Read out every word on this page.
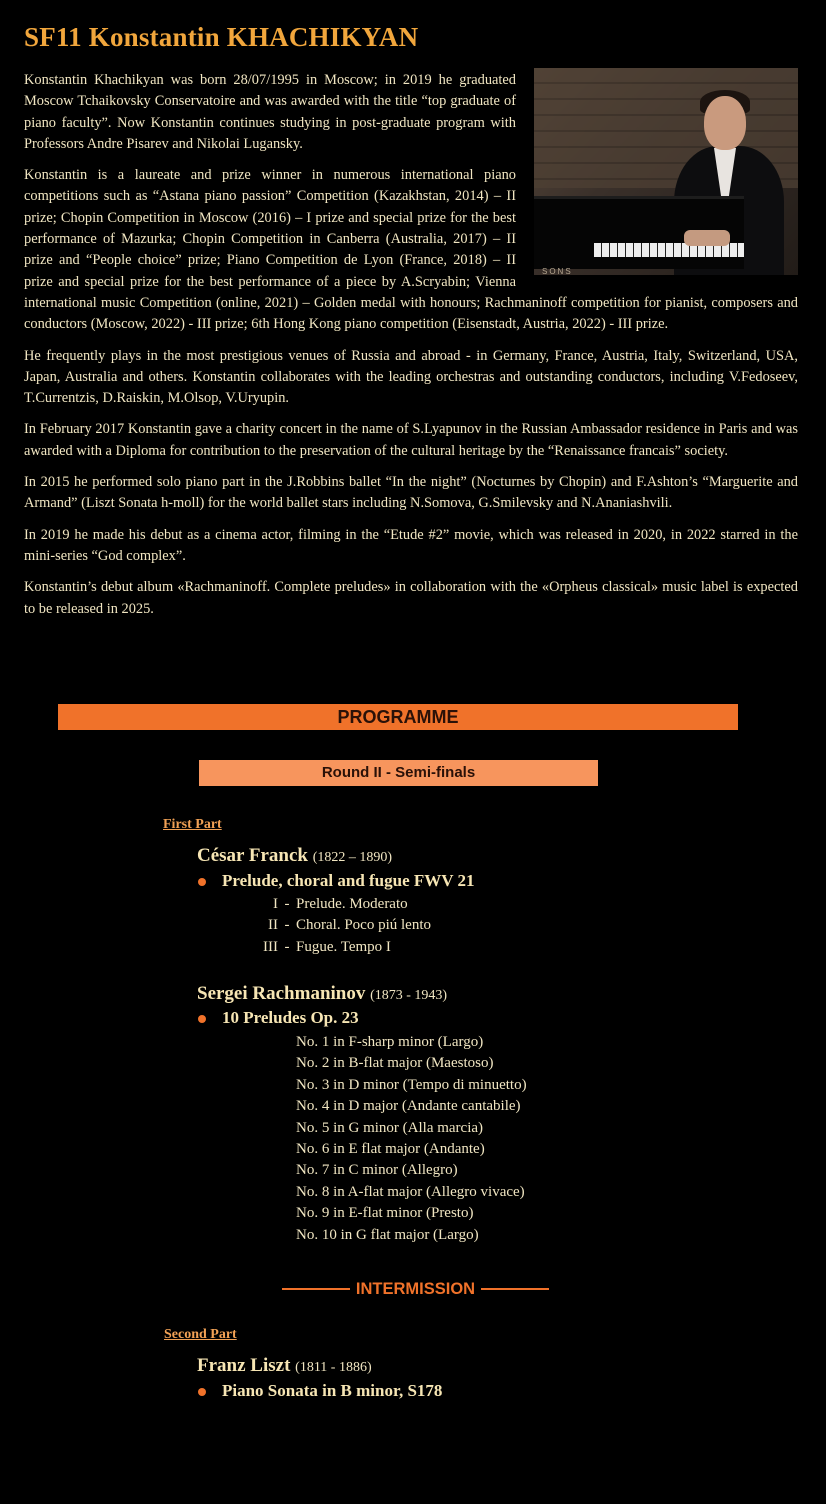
SF11 Konstantin KHACHIKYAN
SONS

Konstantin Khachikyan was born 28/07/1995 in Moscow; in 2019 he graduated Moscow Tchaikovsky Conservatoire and was awarded with the title “top graduate of piano faculty”. Now Konstantin continues studying in post-graduate program with Professors Andre Pisarev and Nikolai Lugansky.

Konstantin is a laureate and prize winner in numerous international piano competitions such as “Astana piano passion” Competition (Kazakhstan, 2014) – II prize; Chopin Competition in Moscow (2016) – I prize and special prize for the best performance of Mazurka; Chopin Competition in Canberra (Australia, 2017) – II prize and “People choice” prize; Piano Competition de Lyon (France, 2018) – II prize and special prize for the best performance of a piece by A.Scryabin; Vienna international music Competition (online, 2021) – Golden medal with honours; Rachmaninoff competition for pianist, composers and conductors (Moscow, 2022) - III prize; 6th Hong Kong piano competition (Eisenstadt, Austria, 2022) - III prize.

He frequently plays in the most prestigious venues of Russia and abroad - in Germany, France, Austria, Italy, Switzerland, USA, Japan, Australia and others. Konstantin collaborates with the leading orchestras and outstanding conductors, including V.Fedoseev, T.Currentzis, D.Raiskin, M.Olsop, V.Uryupin.

In February 2017 Konstantin gave a charity concert in the name of S.Lyapunov in the Russian Ambassador residence in Paris and was awarded with a Diploma for contribution to the preservation of the cultural heritage by the “Renaissance francais” society.

In 2015 he performed solo piano part in the J.Robbins ballet “In the night” (Nocturnes by Chopin) and F.Ashton’s “Marguerite and Armand” (Liszt Sonata h-moll) for the world ballet stars including N.Somova, G.Smilevsky and N.Ananiashvili.

In 2019 he made his debut as a cinema actor, filming in the “Etude #2” movie, which was released in 2020, in 2022 starred in the mini-series “God complex”.

Konstantin’s debut album «Rachmaninoff. Complete preludes» in collaboration with the «Orpheus classical» music label is expected to be released in 2025.

PROGRAMME
Round II - Semi-finals
First Part
César Franck (1822 – 1890)
Prelude, choral and fugue FWV 21
I - Prelude. Moderato
II - Choral. Poco piú lento
III - Fugue. Tempo I
Sergei Rachmaninov (1873 - 1943)
10 Preludes Op. 23
No. 1 in F-sharp minor (Largo)
No. 2 in B-flat major (Maestoso)
No. 3 in D minor (Tempo di minuetto)
No. 4 in D major (Andante cantabile)
No. 5 in G minor (Alla marcia)
No. 6 in E flat major (Andante)
No. 7 in C minor (Allegro)
No. 8 in A-flat major (Allegro vivace)
No. 9 in E-flat minor (Presto)
No. 10 in G flat major (Largo)
INTERMISSION
Second Part
Franz Liszt (1811 - 1886)
Piano Sonata in B minor, S178
